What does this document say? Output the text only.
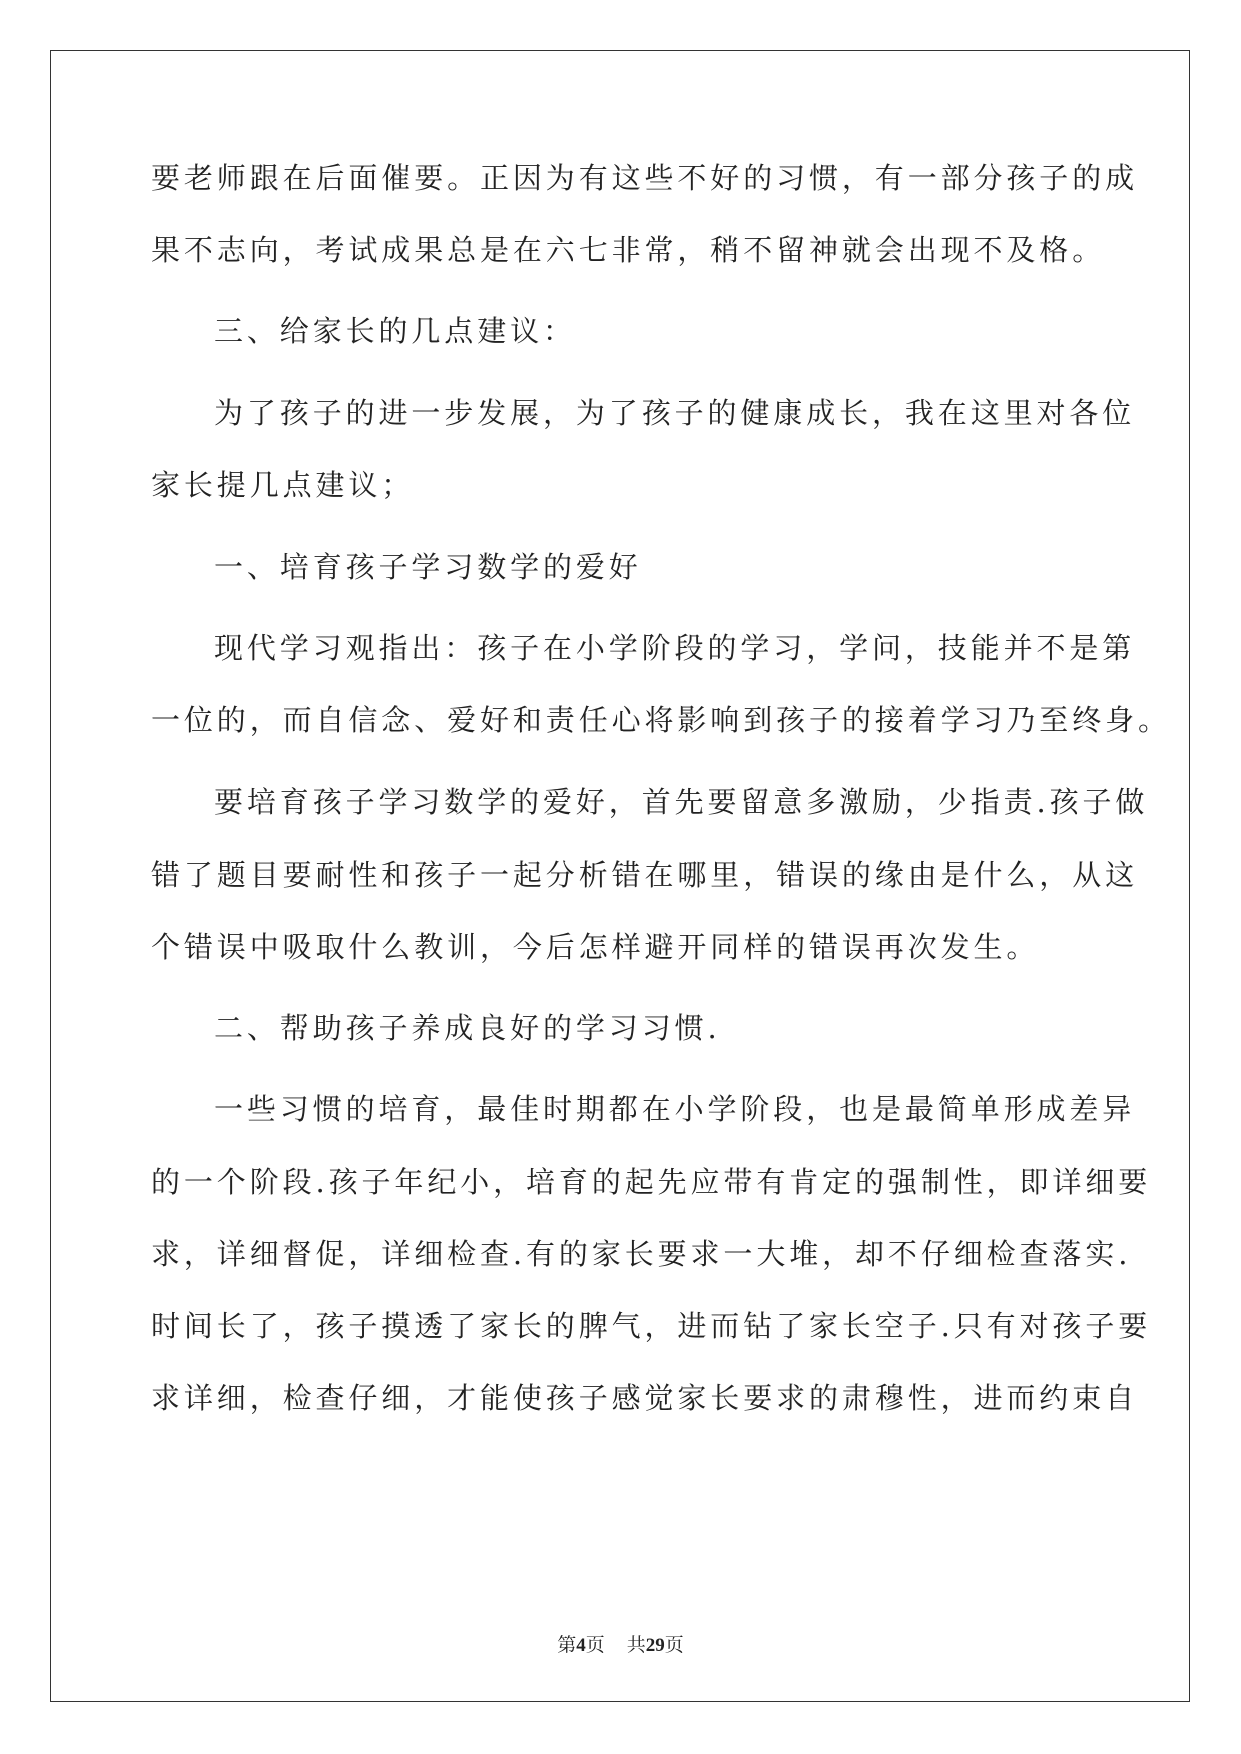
要老师跟在后面催要。正因为有这些不好的习惯，有一部分孩子的成
果不志向，考试成果总是在六七非常，稍不留神就会出现不及格。
三、给家长的几点建议：
为了孩子的进一步发展，为了孩子的健康成长，我在这里对各位
家长提几点建议；
一、培育孩子学习数学的爱好
现代学习观指出：孩子在小学阶段的学习，学问，技能并不是第
一位的，而自信念、爱好和责任心将影响到孩子的接着学习乃至终身。
要培育孩子学习数学的爱好，首先要留意多激励，少指责.孩子做
错了题目要耐性和孩子一起分析错在哪里，错误的缘由是什么，从这
个错误中吸取什么教训，今后怎样避开同样的错误再次发生。
二、帮助孩子养成良好的学习习惯.
一些习惯的培育，最佳时期都在小学阶段，也是最简单形成差异
的一个阶段.孩子年纪小，培育的起先应带有肯定的强制性，即详细要
求，详细督促，详细检查.有的家长要求一大堆，却不仔细检查落实.
时间长了，孩子摸透了家长的脾气，进而钻了家长空子.只有对孩子要
求详细，检查仔细，才能使孩子感觉家长要求的肃穆性，进而约束自
第4页 共29页
